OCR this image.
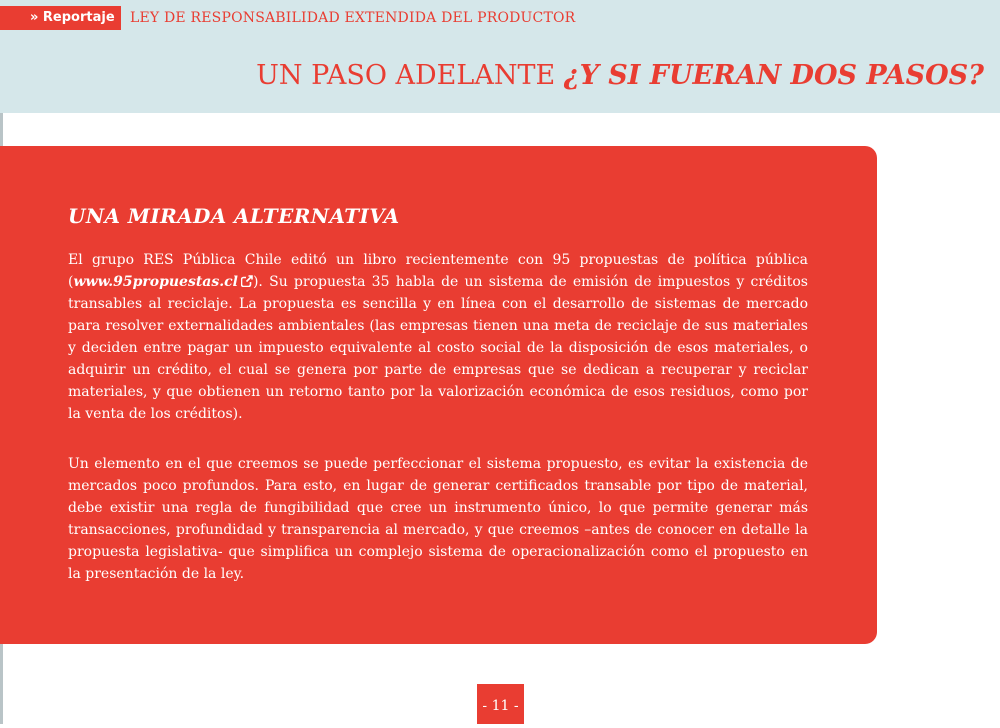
» Reportaje	LEY DE RESPONSABILIDAD EXTENDIDA DEL PRODUCTOR
UN PASO ADELANTE ¿Y SI FUERAN DOS PASOS?
UNA MIRADA ALTERNATIVA
El grupo RES Pública Chile editó un libro recientemente con 95 propuestas de política pública (www.95propuestas.cl ). Su propuesta 35 habla de un sistema de emisión de impuestos y créditos transables al reciclaje. La propuesta es sencilla y en línea con el desarrollo de sistemas de mercado para resolver externalidades ambientales (las empresas tienen una meta de reciclaje de sus materiales y deciden entre pagar un impuesto equivalente al costo social de la disposición de esos materiales, o adquirir un crédito, el cual se genera por parte de empresas que se dedican a recuperar y reciclar materiales, y que obtienen un retorno tanto por la valorización económica de esos residuos, como por la venta de los créditos).
Un elemento en el que creemos se puede perfeccionar el sistema propuesto, es evitar la existencia de mercados poco profundos. Para esto, en lugar de generar certificados transable por tipo de material, debe existir una regla de fungibilidad que cree un instrumento único, lo que permite generar más transacciones, profundidad y transparencia al mercado, y que creemos –antes de conocer en detalle la propuesta legislativa- que simplifica un complejo sistema de operacionalización como el propuesto en la presentación de la ley.
- 11 -
